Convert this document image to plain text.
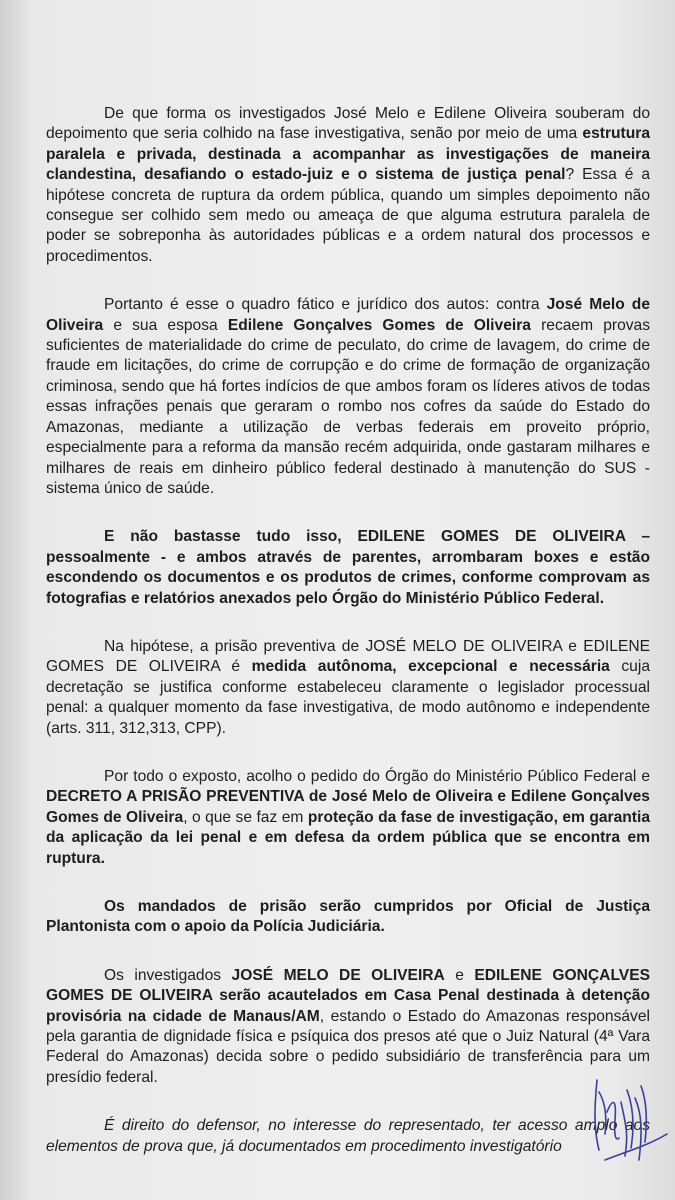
De que forma os investigados José Melo e Edilene Oliveira souberam do depoimento que seria colhido na fase investigativa, senão por meio de uma estrutura paralela e privada, destinada a acompanhar as investigações de maneira clandestina, desafiando o estado-juiz e o sistema de justiça penal? Essa é a hipótese concreta de ruptura da ordem pública, quando um simples depoimento não consegue ser colhido sem medo ou ameaça de que alguma estrutura paralela de poder se sobreponha às autoridades públicas e a ordem natural dos processos e procedimentos.

Portanto é esse o quadro fático e jurídico dos autos: contra José Melo de Oliveira e sua esposa Edilene Gonçalves Gomes de Oliveira recaem provas suficientes de materialidade do crime de peculato, do crime de lavagem, do crime de fraude em licitações, do crime de corrupção e do crime de formação de organização criminosa, sendo que há fortes indícios de que ambos foram os líderes ativos de todas essas infrações penais que geraram o rombo nos cofres da saúde do Estado do Amazonas, mediante a utilização de verbas federais em proveito próprio, especialmente para a reforma da mansão recém adquirida, onde gastaram milhares e milhares de reais em dinheiro público federal destinado à manutenção do SUS - sistema único de saúde.

E não bastasse tudo isso, EDILENE GOMES DE OLIVEIRA – pessoalmente - e ambos através de parentes, arrombaram boxes e estão escondendo os documentos e os produtos de crimes, conforme comprovam as fotografias e relatórios anexados pelo Órgão do Ministério Público Federal.

Na hipótese, a prisão preventiva de JOSÉ MELO DE OLIVEIRA e EDILENE GOMES DE OLIVEIRA é medida autônoma, excepcional e necessária cuja decretação se justifica conforme estabeleceu claramente o legislador processual penal: a qualquer momento da fase investigativa, de modo autônomo e independente (arts. 311, 312,313, CPP).

Por todo o exposto, acolho o pedido do Órgão do Ministério Público Federal e DECRETO A PRISÃO PREVENTIVA de José Melo de Oliveira e Edilene Gonçalves Gomes de Oliveira, o que se faz em proteção da fase de investigação, em garantia da aplicação da lei penal e em defesa da ordem pública que se encontra em ruptura.

Os mandados de prisão serão cumpridos por Oficial de Justiça Plantonista com o apoio da Polícia Judiciária.

Os investigados JOSÉ MELO DE OLIVEIRA e EDILENE GONÇALVES GOMES DE OLIVEIRA serão acautelados em Casa Penal destinada à detenção provisória na cidade de Manaus/AM, estando o Estado do Amazonas responsável pela garantia de dignidade física e psíquica dos presos até que o Juiz Natural (4ª Vara Federal do Amazonas) decida sobre o pedido subsidiário de transferência para um presídio federal.

É direito do defensor, no interesse do representado, ter acesso amplo aos elementos de prova que, já documentados em procedimento investigatório
